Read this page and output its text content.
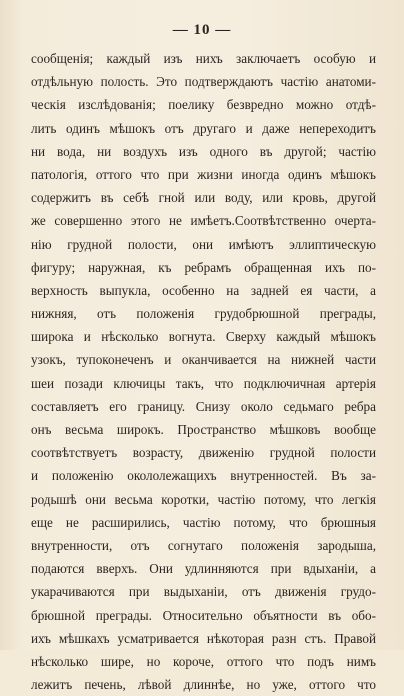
— 10 —
сообщенія; каждый изъ нихъ заключаетъ особую и
отдѣльную полость. Это подтверждаютъ частію анатоми-
ческія изслѣдованія; поелику безвредно можно отдѣ-
лить одинъ мѣшокъ отъ другаго и даже непереходитъ
ни вода, ни воздухъ изъ одного въ другой; частію
патологія, оттого что при жизни иногда одинъ мѣшокъ
содержитъ въ себѣ гной или воду, или кровь, другой
же совершенно этого не имѣетъ.Соотвѣтственно очерта-
нію грудной полости, они имѣютъ эллиптическую
фигуру; наружная, къ ребрамъ обращенная ихъ по-
верхность выпукла, особенно на задней ея части, а
нижняя, отъ положенія грудобрюшной преграды,
широка и нѣсколько вогнута. Сверху каждый мѣшокъ
узокъ, тупоконеченъ и оканчивается на нижней части
шеи позади ключицы такъ, что подключичная артерія
составляетъ его границу. Снизу около седьмаго ребра
онъ весьма широкъ. Пространство мѣшковъ вообще
соотвѣтствуетъ возрасту, движенію грудной полости
и положенію окололежащихъ внутренностей. Въ за-
родышѣ они весьма коротки, частію потому, что легкія
еще не расширились, частію потому, что брюшныя
внутренности, отъ согнутаго положенія зародыша,
подаются вверхъ. Они удлинняются при вдыханіи, а
укарачиваются при выдыханіи, отъ движенія грудо-
брюшной преграды. Относительно объятности въ обо-
ихъ мѣшкахъ усматривается нѣкоторая разн стъ. Правой
нѣсколько шире, но короче, оттого что подъ нимъ
лежитъ печень, лѣвой длиннѣе, но уже, оттого что
